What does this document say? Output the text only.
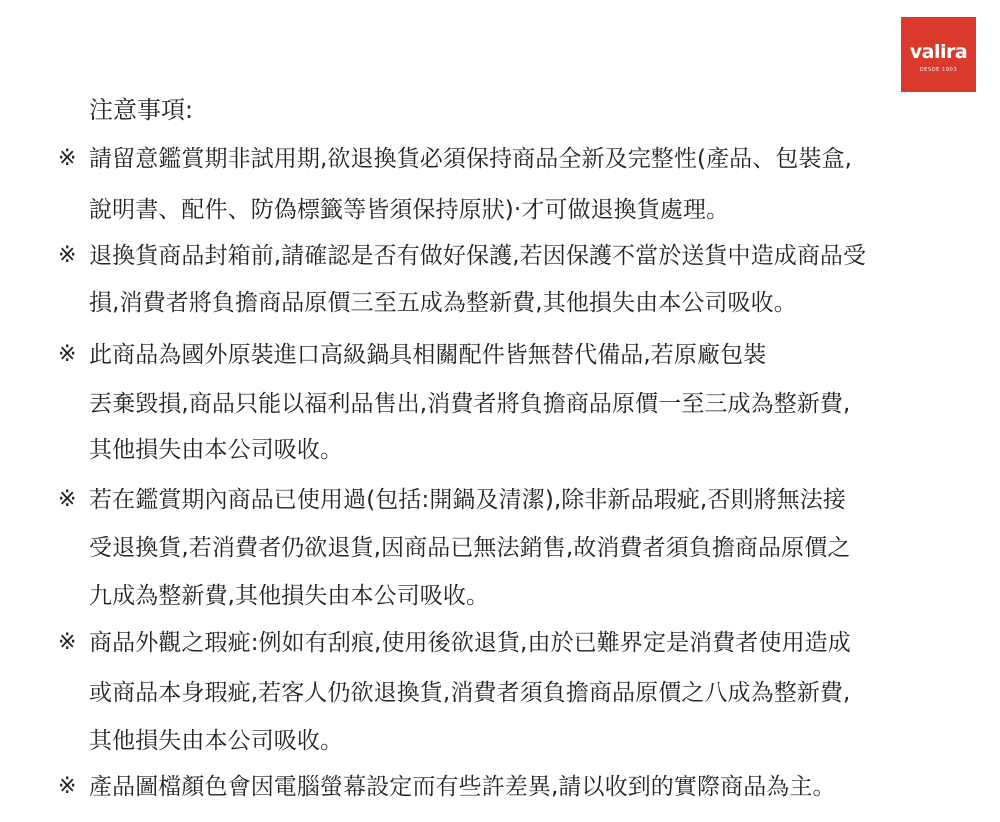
valira
DESDE 1903
注意事項:
※ 請留意鑑賞期非試用期,欲退換貨必須保持商品全新及完整性(產品、包裝盒,
說明書、配件、防偽標籤等皆須保持原狀)‧才可做退換貨處理。
※ 退換貨商品封箱前,請確認是否有做好保護,若因保護不當於送貨中造成商品受
損,消費者將負擔商品原價三至五成為整新費,其他損失由本公司吸收。
※ 此商品為國外原裝進口高級鍋具相關配件皆無替代備品,若原廠包裝
丟棄毀損,商品只能以福利品售出,消費者將負擔商品原價一至三成為整新費,
其他損失由本公司吸收。
※ 若在鑑賞期內商品已使用過(包括:開鍋及清潔),除非新品瑕疵,否則將無法接
受退換貨,若消費者仍欲退貨,因商品已無法銷售,故消費者須負擔商品原價之
九成為整新費,其他損失由本公司吸收。
※ 商品外觀之瑕疵:例如有刮痕,使用後欲退貨,由於已難界定是消費者使用造成
或商品本身瑕疵,若客人仍欲退換貨,消費者須負擔商品原價之八成為整新費,
其他損失由本公司吸收。
※ 產品圖檔顏色會因電腦螢幕設定而有些許差異,請以收到的實際商品為主。
